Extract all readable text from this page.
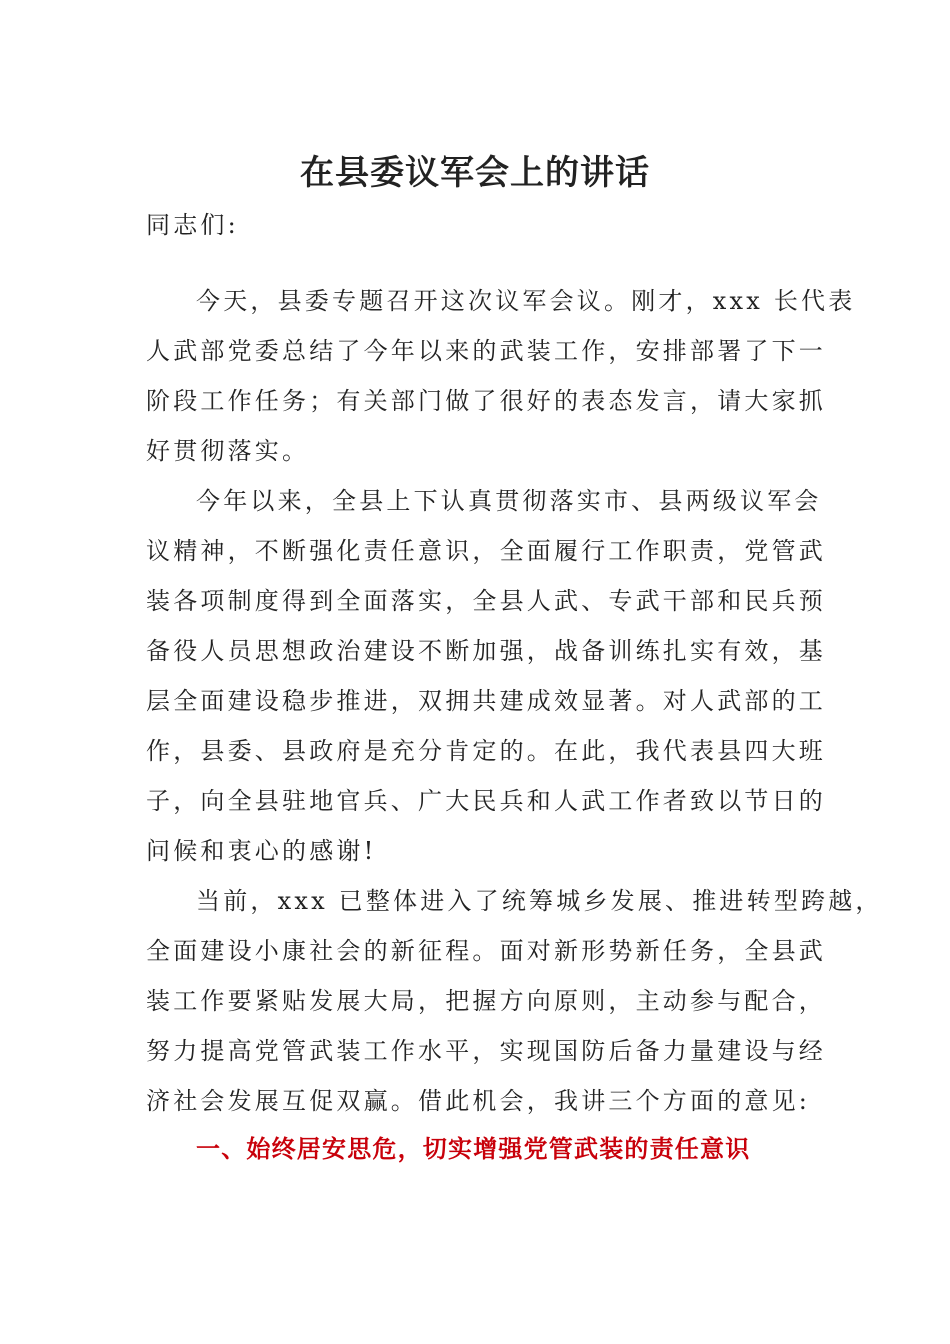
在县委议军会上的讲话
同志们:
今天，县委专题召开这次议军会议。刚才，xxx 长代表
人武部党委总结了今年以来的武装工作，安排部署了下一
阶段工作任务；有关部门做了很好的表态发言，请大家抓
好贯彻落实。
今年以来，全县上下认真贯彻落实市、县两级议军会
议精神，不断强化责任意识，全面履行工作职责，党管武
装各项制度得到全面落实，全县人武、专武干部和民兵预
备役人员思想政治建设不断加强，战备训练扎实有效，基
层全面建设稳步推进，双拥共建成效显著。对人武部的工
作，县委、县政府是充分肯定的。在此，我代表县四大班
子，向全县驻地官兵、广大民兵和人武工作者致以节日的
问候和衷心的感谢!
当前，xxx 已整体进入了统筹城乡发展、推进转型跨越，
全面建设小康社会的新征程。面对新形势新任务，全县武
装工作要紧贴发展大局，把握方向原则，主动参与配合，
努力提高党管武装工作水平，实现国防后备力量建设与经
济社会发展互促双赢。借此机会，我讲三个方面的意见:
一、始终居安思危，切实增强党管武装的责任意识
